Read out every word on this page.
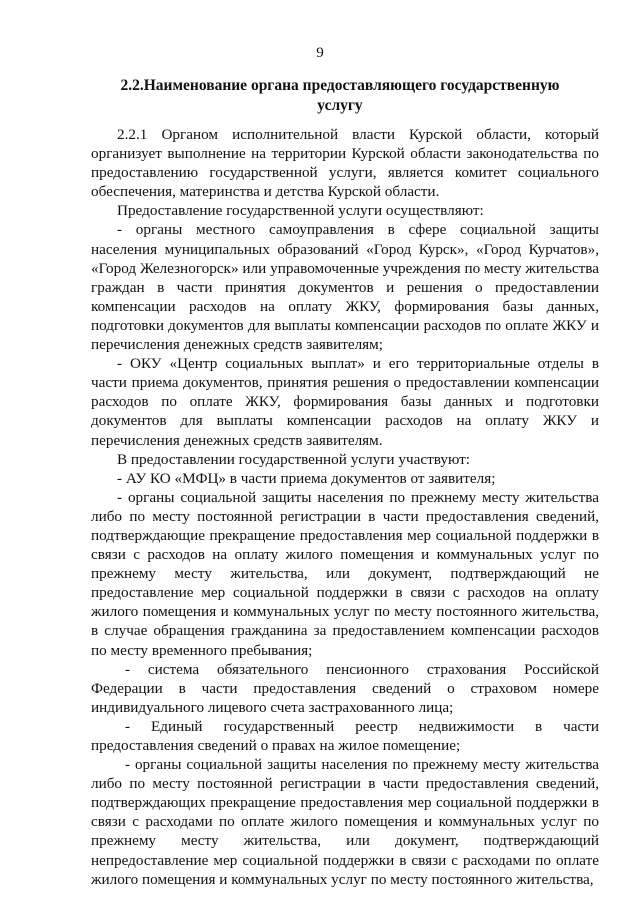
9
2.2.Наименование органа предоставляющего государственную услугу

2.2.1 Органом исполнительной власти Курской области, который организует выполнение на территории Курской области законодательства по предоставлению государственной услуги, является комитет социального обеспечения, материнства и детства Курской области.

Предоставление государственной услуги осуществляют:

- органы местного самоуправления в сфере социальной защиты населения муниципальных образований «Город Курск», «Город Курчатов», «Город Железногорск» или управомоченные учреждения по месту жительства граждан в части принятия документов и решения о предоставлении компенсации расходов на оплату ЖКУ, формирования базы данных, подготовки документов для выплаты компенсации расходов по оплате ЖКУ и перечисления денежных средств заявителям;

- ОКУ «Центр социальных выплат» и его территориальные отделы в части приема документов, принятия решения о предоставлении компенсации расходов по оплате ЖКУ, формирования базы данных и подготовки документов для выплаты компенсации расходов на оплату ЖКУ и перечисления денежных средств заявителям.

В предоставлении государственной услуги участвуют:

- АУ КО «МФЦ» в части приема документов от заявителя;

- органы социальной защиты населения по прежнему месту жительства либо по месту постоянной регистрации в части предоставления сведений, подтверждающие прекращение предоставления мер социальной поддержки в связи с расходов на оплату жилого помещения и коммунальных услуг по прежнему месту жительства, или документ, подтверждающий не предоставление мер социальной поддержки в связи с расходов на оплату жилого помещения и коммунальных услуг по месту постоянного жительства, в случае обращения гражданина за предоставлением компенсации расходов по месту временного пребывания;

- система обязательного пенсионного страхования Российской Федерации в части предоставления сведений о страховом номере индивидуального лицевого счета застрахованного лица;

- Единый государственный реестр недвижимости в части предоставления сведений о правах на жилое помещение;

- органы социальной защиты населения по прежнему месту жительства либо по месту постоянной регистрации в части предоставления сведений, подтверждающих прекращение предоставления мер социальной поддержки в связи с расходами по оплате жилого помещения и коммунальных услуг по прежнему месту жительства, или документ, подтверждающий непредоставление мер социальной поддержки в связи с расходами по оплате жилого помещения и коммунальных услуг по месту постоянного жительства,
